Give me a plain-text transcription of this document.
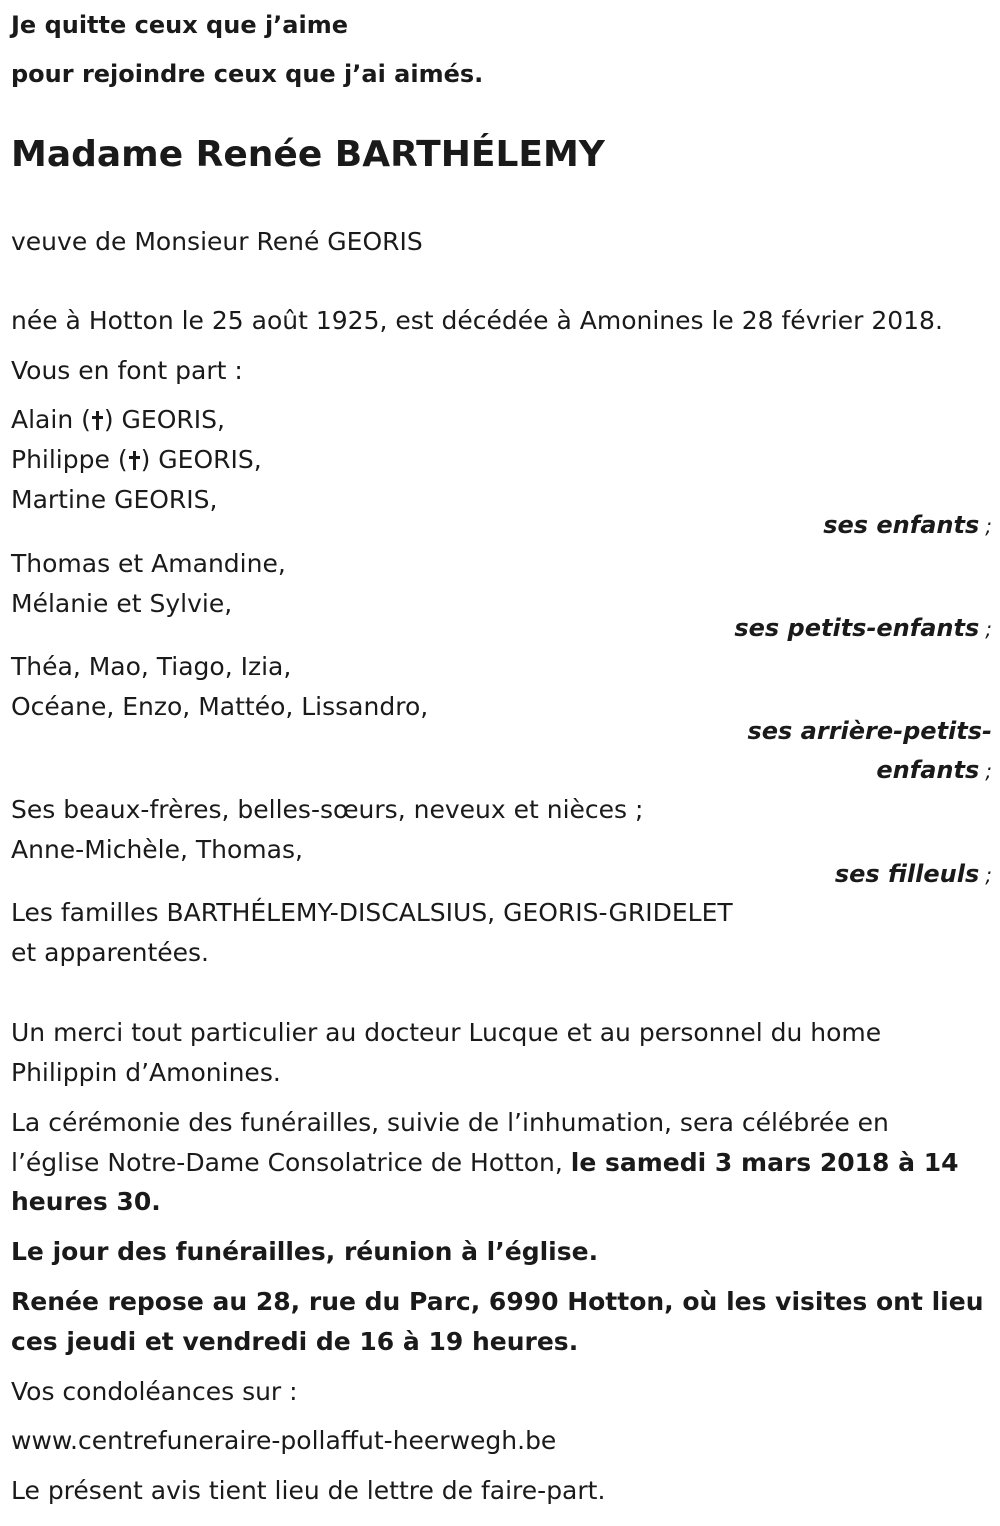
Je quitte ceux que j’aime
pour rejoindre ceux que j’ai aimés.
Madame Renée BARTHÉLEMY
veuve de Monsieur René GEORIS
née à Hotton le 25 août 1925, est décédée à Amonines le 28 février 2018.
Vous en font part :
Alain ( ) GEORIS,
Philippe ( ) GEORIS,
Martine GEORIS,
ses enfants ;
Thomas et Amandine,
Mélanie et Sylvie,
ses petits-enfants ;
Théa, Mao, Tiago, Izia,
Océane, Enzo, Mattéo, Lissandro,
ses arrière-petits-
enfants ;
Ses beaux-frères, belles-sœurs, neveux et nièces ;
Anne-Michèle, Thomas,
ses filleuls ;
Les familles BARTHÉLEMY-DISCALSIUS, GEORIS-GRIDELET
et apparentées.
Un merci tout particulier au docteur Lucque et au personnel du home
Philippin d’Amonines.
La cérémonie des funérailles, suivie de l’inhumation, sera célébrée en
l’église Notre-Dame Consolatrice de Hotton, le samedi 3 mars 2018 à 14
heures 30.
Le jour des funérailles, réunion à l’église.
Renée repose au 28, rue du Parc, 6990 Hotton, où les visites ont lieu
ces jeudi et vendredi de 16 à 19 heures.
Vos condoléances sur :
www.centrefuneraire-pollaffut-heerwegh.be
Le présent avis tient lieu de lettre de faire-part.
